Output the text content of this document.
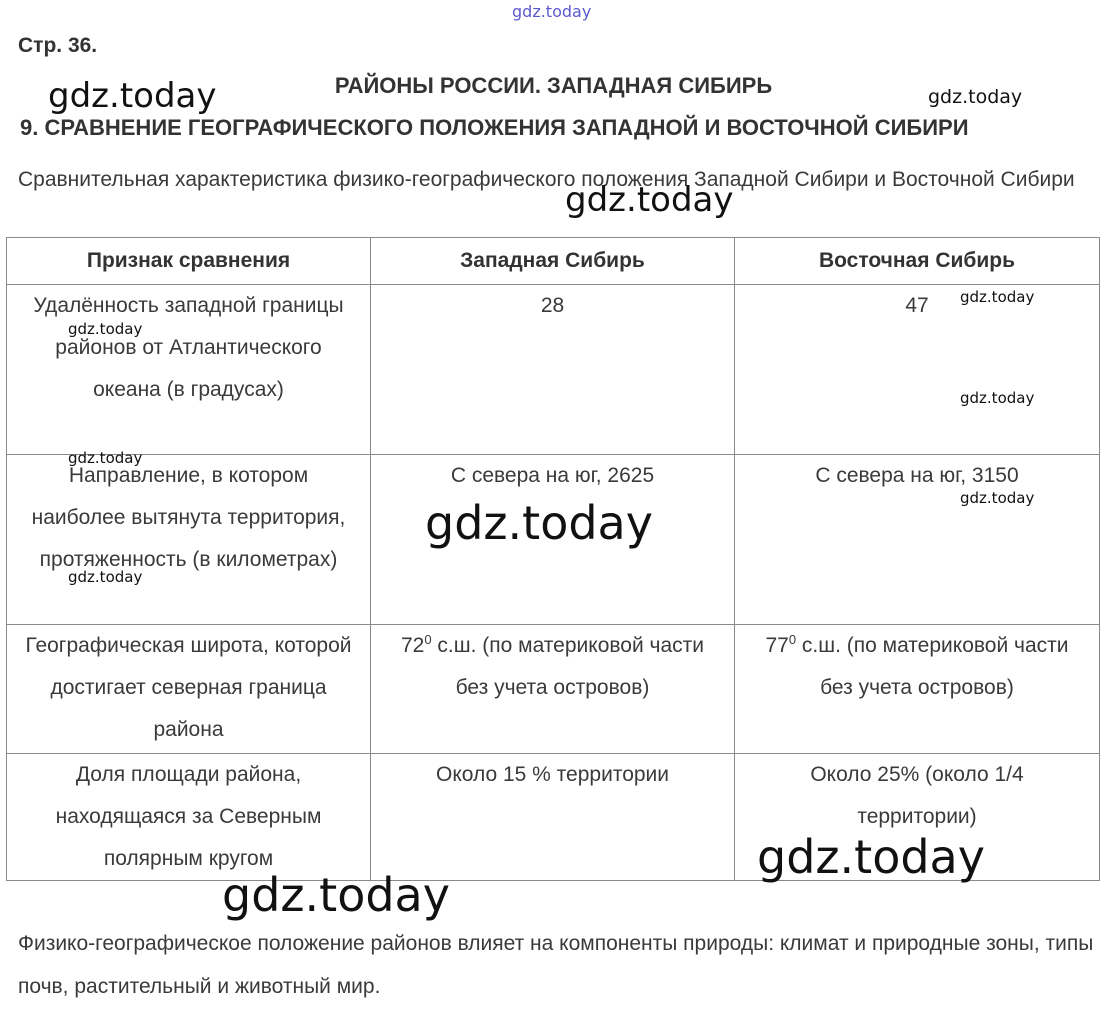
Стр. 36.
РАЙОНЫ РОССИИ. ЗАПАДНАЯ СИБИРЬ
9. СРАВНЕНИЕ ГЕОГРАФИЧЕСКОГО ПОЛОЖЕНИЯ ЗАПАДНОЙ И ВОСТОЧНОЙ СИБИРИ
Сравнительная характеристика физико-географического положения Западной Сибири и Восточной Сибири
Признак сравнения	Западная Сибирь	Восточная Сибирь
Удалённость западной границы районов от Атлантического океана (в градусах)	28	47
Направление, в котором наиболее вытянута территория, протяженность (в километрах)	С севера на юг, 2625	С севера на юг, 3150
Географическая широта, которой достигает северная граница района	$72^0$ с.ш. (по материковой части без учета островов)	$77^0$ с.ш. (по материковой части без учета островов)
Доля площади района, находящаяся за Северным полярным кругом	Около 15 % территории	Около 25% (около 1/4 территории)
Физико-географическое положение районов влияет на компоненты природы: климат и природные зоны, типы почв, растительный и животный мир.
gdz.today
gdz.today	gdz.today
gdz.today
gdz.today
gdz.today
gdz.today
gdz.today
gdz.today
gdz.today
gdz.today
gdz.today
gdz.today
